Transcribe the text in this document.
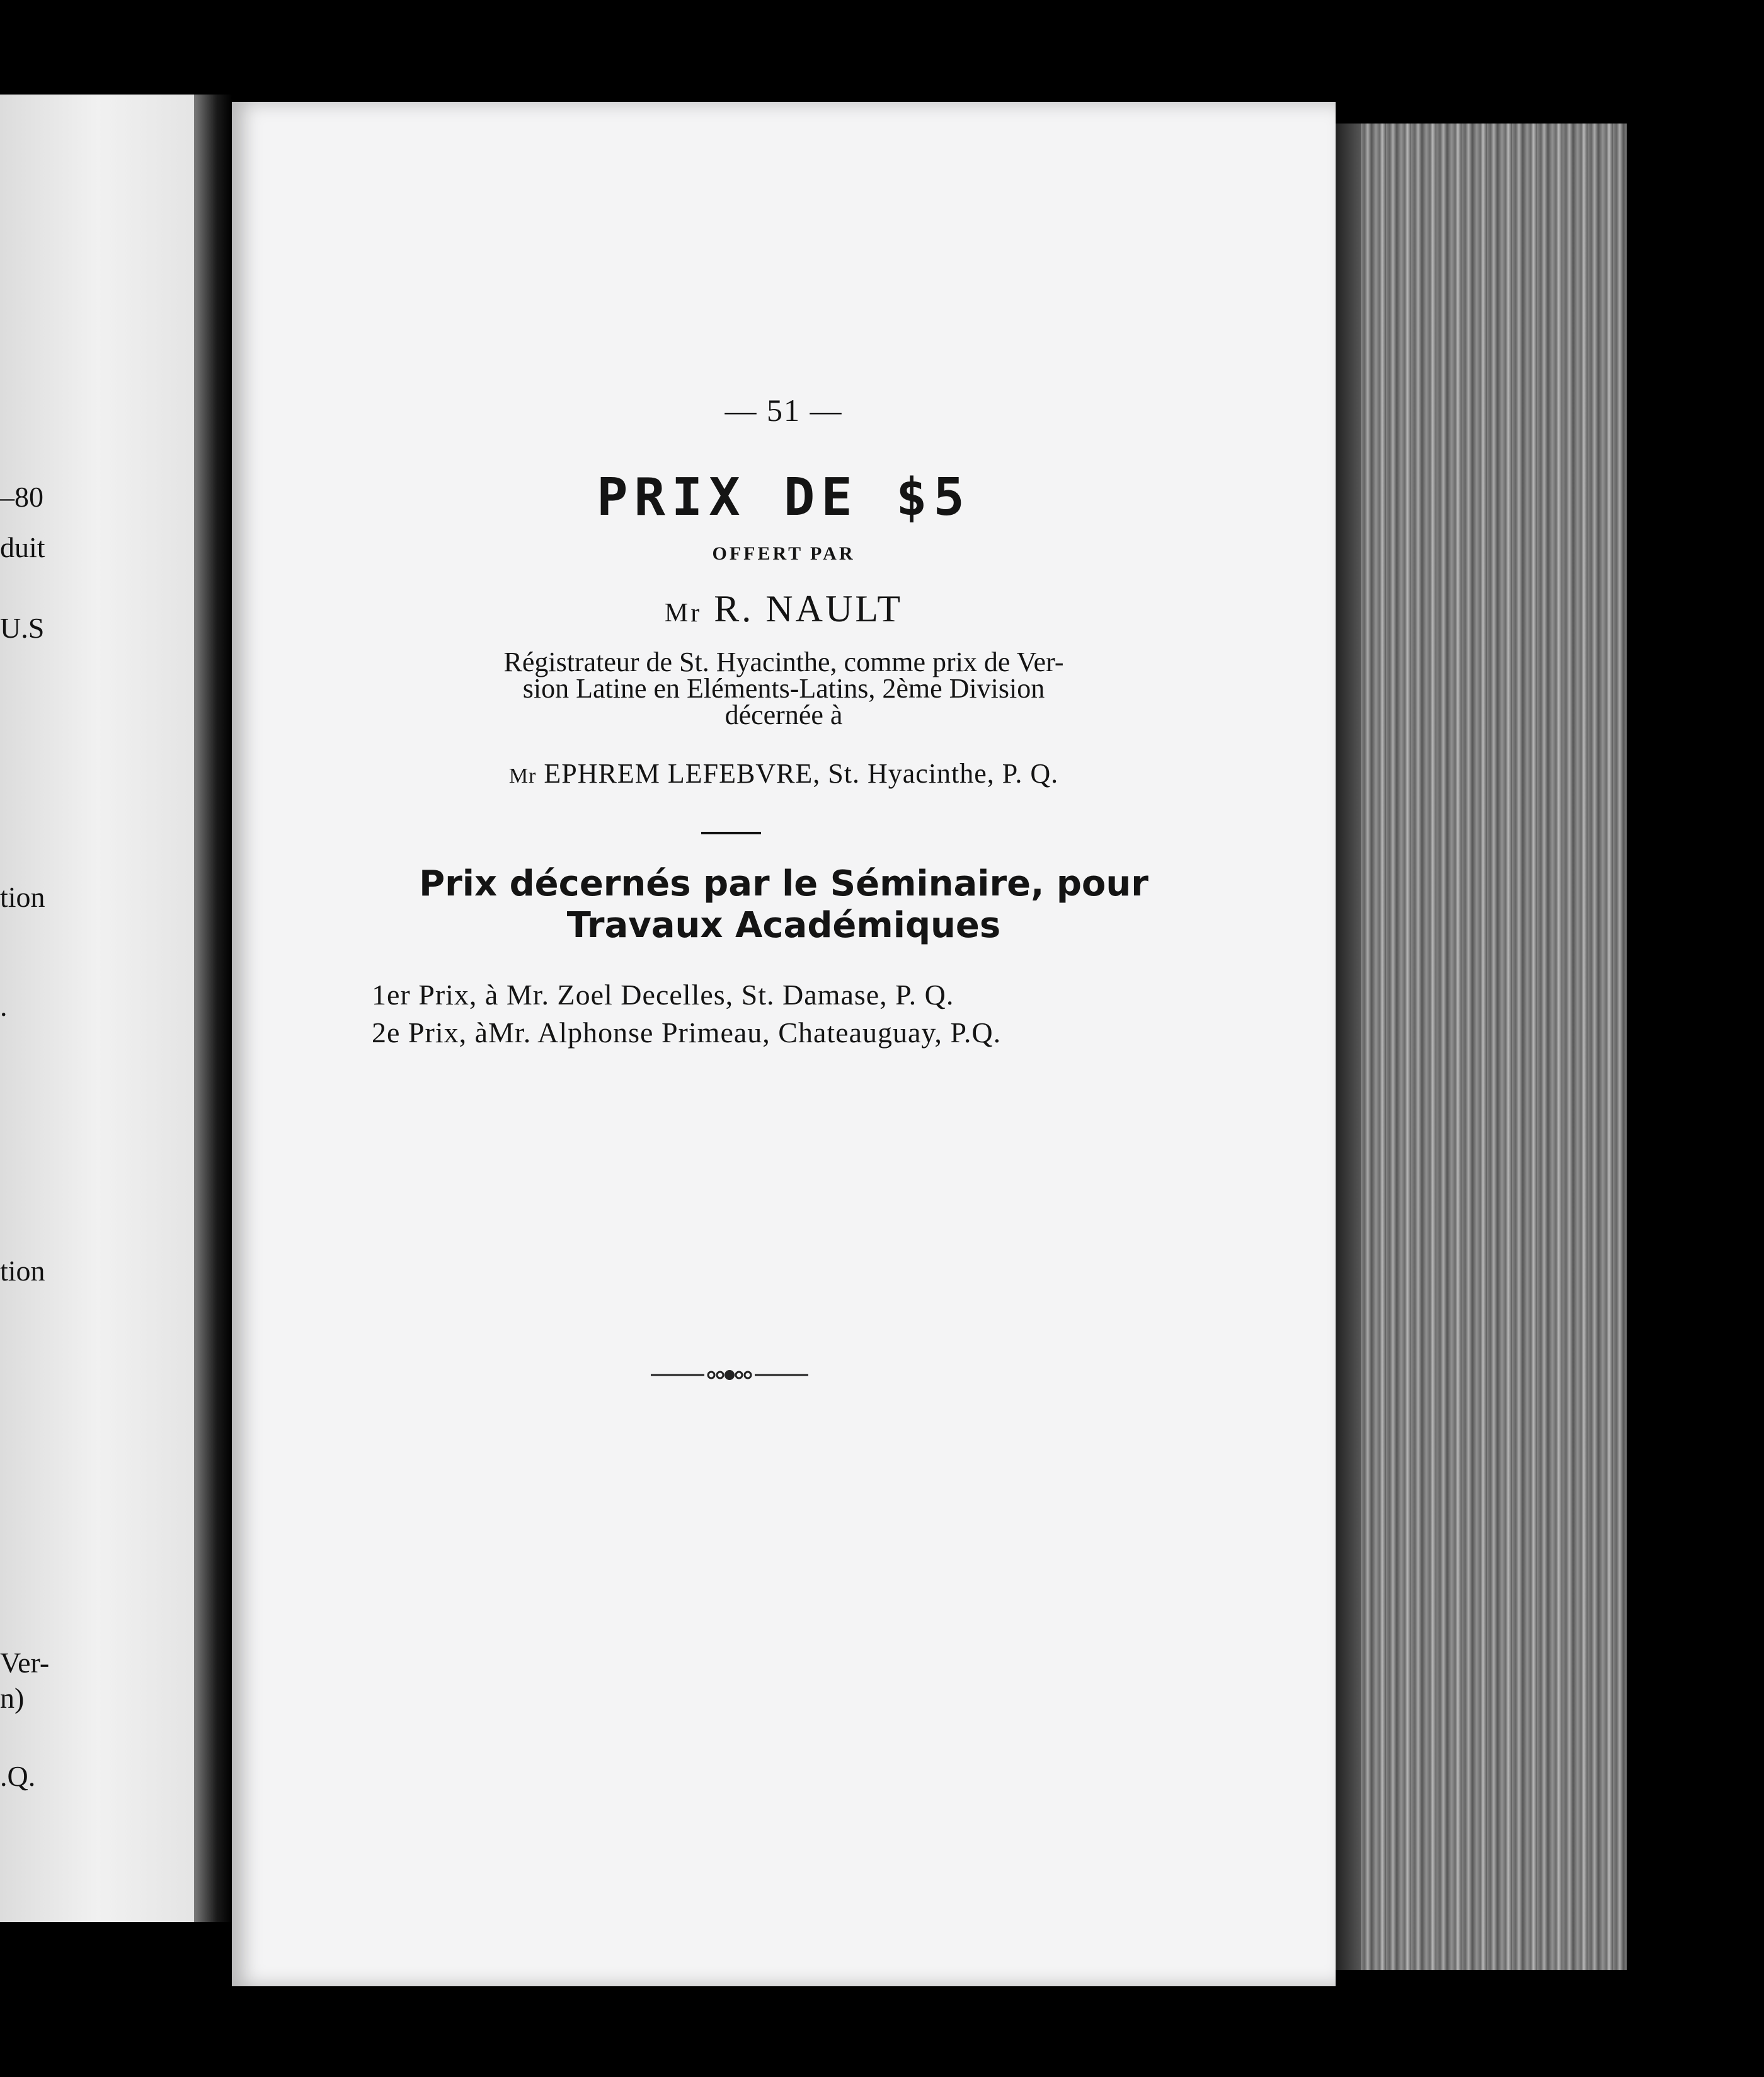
–80
duit
U.S
tion
.
tion
Ver-
n)
.Q.
— 51 —
PRIX DE $5
OFFERT PAR
Mr R. NAULT
Régistrateur de St. Hyacinthe, comme prix de Ver-
sion Latine en Eléments-Latins, 2ème Division
décernée à
Mr EPHREM LEFEBVRE, St. Hyacinthe, P. Q.
Prix décernés par le Séminaire, pour
Travaux Académiques
1er Prix, à Mr. Zoel Decelles, St. Damase, P. Q.
2e Prix, àMr. Alphonse Primeau, Chateauguay, P.Q.
